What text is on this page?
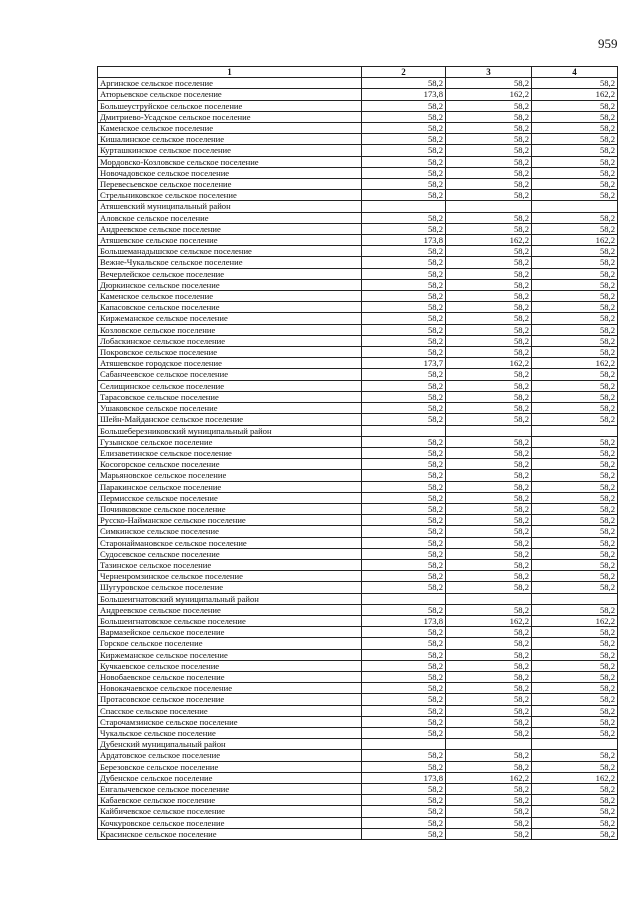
959
1	2	3	4
Аргинское сельское поселение	58,2	58,2	58,2
Атюрьевское сельское поселение	173,8	162,2	162,2
Большеуструйское сельское поселение	58,2	58,2	58,2
Дмитриево-Усадское сельское поселение	58,2	58,2	58,2
Каменское сельское поселение	58,2	58,2	58,2
Кишалинское сельское поселение	58,2	58,2	58,2
Курташкинское сельское поселение	58,2	58,2	58,2
Мордовско-Козловское сельское поселение	58,2	58,2	58,2
Новочадовское сельское поселение	58,2	58,2	58,2
Перевесьевское сельское поселение	58,2	58,2	58,2
Стрельниковское сельское поселение	58,2	58,2	58,2
Атяшевский муниципальный район			
Аловское сельское поселение	58,2	58,2	58,2
Андреевское сельское поселение	58,2	58,2	58,2
Атяшевское сельское поселение	173,8	162,2	162,2
Большеманадышское сельское поселение	58,2	58,2	58,2
Вежне-Чукальское сельское поселение	58,2	58,2	58,2
Вечерлейское сельское поселение	58,2	58,2	58,2
Дюркинское сельское поселение	58,2	58,2	58,2
Каменское сельское поселение	58,2	58,2	58,2
Капасовское сельское поселение	58,2	58,2	58,2
Киржеманское сельское поселение	58,2	58,2	58,2
Козловское сельское поселение	58,2	58,2	58,2
Лобаскинское сельское поселение	58,2	58,2	58,2
Покровское сельское поселение	58,2	58,2	58,2
Атяшевское городское поселение	173,7	162,2	162,2
Сабанчеевское сельское поселение	58,2	58,2	58,2
Селищинское сельское поселение	58,2	58,2	58,2
Тарасовское сельское поселение	58,2	58,2	58,2
Ушаковское сельское поселение	58,2	58,2	58,2
Шейн-Майданское сельское поселение	58,2	58,2	58,2
Большеберезниковский муниципальный район			
Гузынское сельское поселение	58,2	58,2	58,2
Елизаветинское сельское поселение	58,2	58,2	58,2
Косогорское сельское поселение	58,2	58,2	58,2
Марьяновское сельское поселение	58,2	58,2	58,2
Паракинское сельское поселение	58,2	58,2	58,2
Пермисское сельское поселение	58,2	58,2	58,2
Починковское сельское поселение	58,2	58,2	58,2
Русско-Найманское сельское поселение	58,2	58,2	58,2
Симкинское сельское поселение	58,2	58,2	58,2
Старонаймановское сельское поселение	58,2	58,2	58,2
Судосевское сельское поселение	58,2	58,2	58,2
Тазинское сельское поселение	58,2	58,2	58,2
Черненромзинское сельское поселение	58,2	58,2	58,2
Шугуровское сельское поселение	58,2	58,2	58,2
Большеигнатовский муниципальный район			
Андреевское сельское поселение	58,2	58,2	58,2
Большеигнатовское сельское поселение	173,8	162,2	162,2
Вармазейское сельское поселение	58,2	58,2	58,2
Горское сельское поселение	58,2	58,2	58,2
Киржеманское сельское поселение	58,2	58,2	58,2
Кучкаевское сельское поселение	58,2	58,2	58,2
Новобаевское сельское поселение	58,2	58,2	58,2
Новокачаевское сельское поселение	58,2	58,2	58,2
Протасовское сельское поселение	58,2	58,2	58,2
Спасское сельское поселение	58,2	58,2	58,2
Старочамзинское сельское поселение	58,2	58,2	58,2
Чукальское сельское поселение	58,2	58,2	58,2
Дубенский муниципальный район			
Ардатовское сельское поселение	58,2	58,2	58,2
Березовское сельское поселение	58,2	58,2	58,2
Дубенское сельское поселение	173,8	162,2	162,2
Енгалычевское сельское поселение	58,2	58,2	58,2
Кабаевское сельское поселение	58,2	58,2	58,2
Кайбичевское сельское поселение	58,2	58,2	58,2
Кочкуровское сельское поселение	58,2	58,2	58,2
Красинское сельское поселение	58,2	58,2	58,2
